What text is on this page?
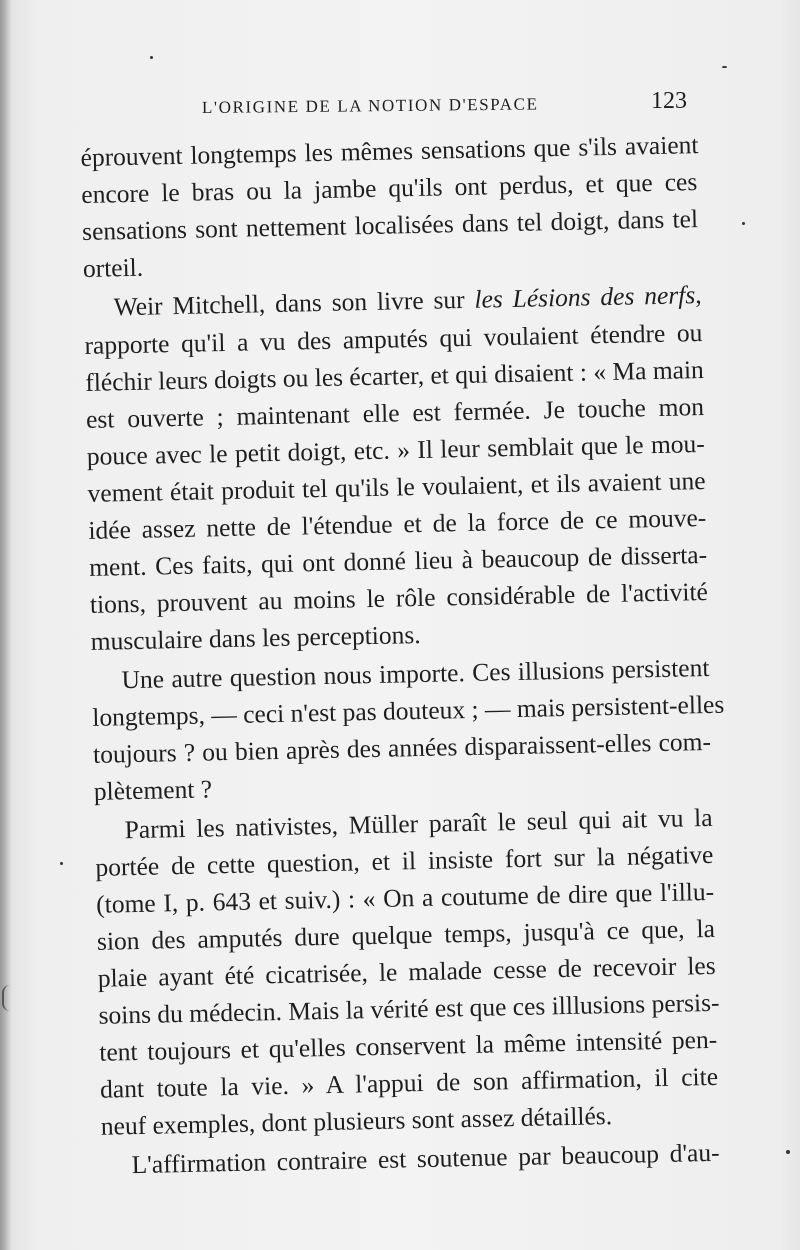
L'ORIGINE DE LA NOTION D'ESPACE	123
éprouvent longtemps les mêmes sensations que s'ils avaient
encore le bras ou la jambe qu'ils ont perdus, et que ces
sensations sont nettement localisées dans tel doigt, dans tel
orteil.
Weir Mitchell, dans son livre sur les Lésions des nerfs,
rapporte qu'il a vu des amputés qui voulaient étendre ou
fléchir leurs doigts ou les écarter, et qui disaient : « Ma main
est ouverte ; maintenant elle est fermée. Je touche mon
pouce avec le petit doigt, etc. » Il leur semblait que le mou-
vement était produit tel qu'ils le voulaient, et ils avaient une
idée assez nette de l'étendue et de la force de ce mouve-
ment. Ces faits, qui ont donné lieu à beaucoup de disserta-
tions, prouvent au moins le rôle considérable de l'activité
musculaire dans les perceptions.
Une autre question nous importe. Ces illusions persistent
longtemps, — ceci n'est pas douteux ; — mais persistent-elles
toujours ? ou bien après des années disparaissent-elles com-
plètement ?
Parmi les nativistes, Müller paraît le seul qui ait vu la
portée de cette question, et il insiste fort sur la négative
(tome I, p. 643 et suiv.) : « On a coutume de dire que l'illu-
sion des amputés dure quelque temps, jusqu'à ce que, la
plaie ayant été cicatrisée, le malade cesse de recevoir les
soins du médecin. Mais la vérité est que ces illlusions persis-
tent toujours et qu'elles conservent la même intensité pen-
dant toute la vie. » A l'appui de son affirmation, il cite
neuf exemples, dont plusieurs sont assez détaillés.
L'affirmation contraire est soutenue par beaucoup d'au-
